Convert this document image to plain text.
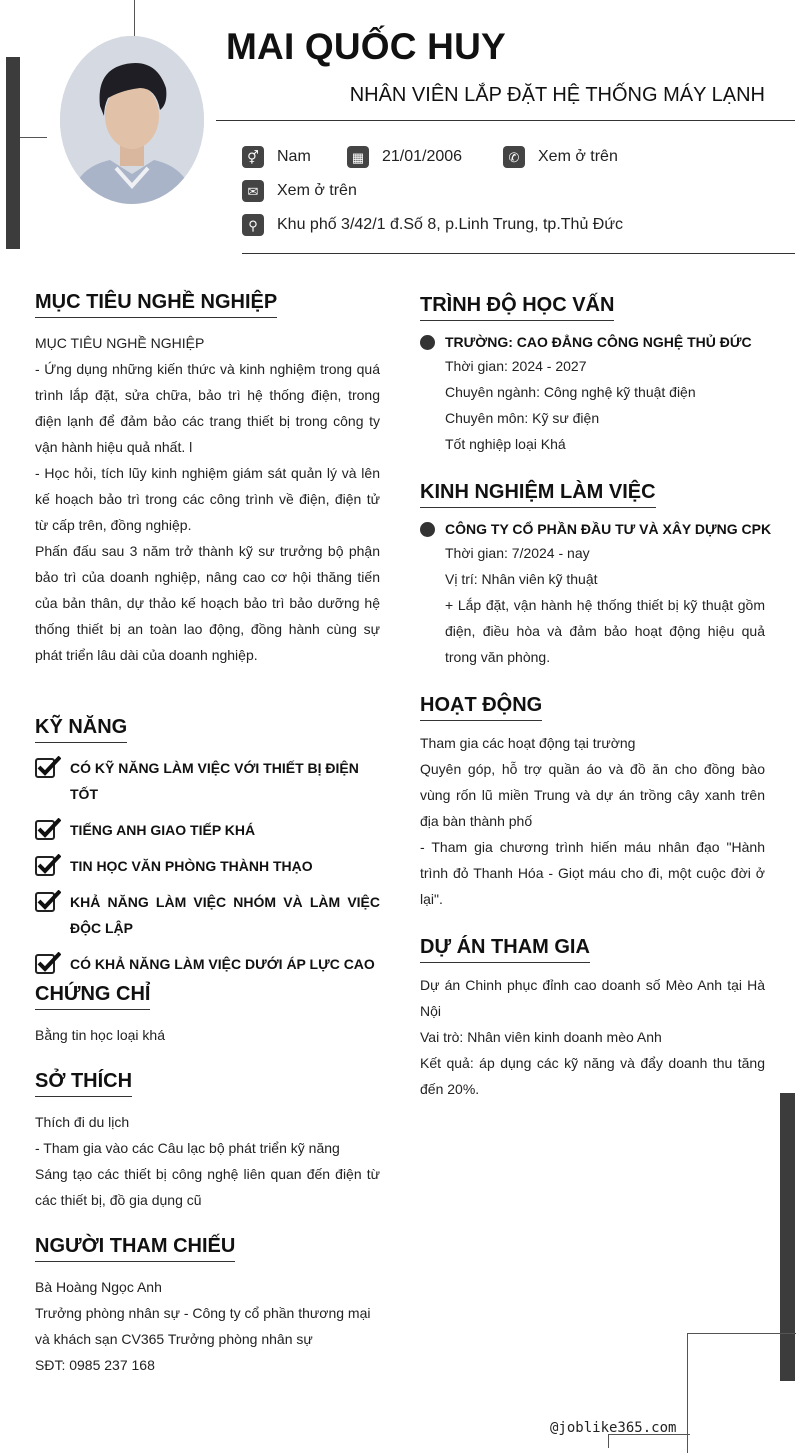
MAI QUỐC HUY
NHÂN VIÊN LẮP ĐẶT HỆ THỐNG MÁY LẠNH
⚥	Nam	▦	21/01/2006	✆	Xem ở trên
✉	Xem ở trên
⚲	Khu phố 3/42/1 đ.Số 8, p.Linh Trung, tp.Thủ Đức
MỤC TIÊU NGHỀ NGHIỆP

MỤC TIÊU NGHỀ NGHIỆP

- Ứng dụng những kiến thức và kinh nghiệm trong quá trình lắp đặt, sửa chữa, bảo trì hệ thống điện, trong điện lạnh để đảm bảo các trang thiết bị trong công ty vận hành hiệu quả nhất. l

- Học hỏi, tích lũy kinh nghiệm giám sát quản lý và lên kế hoạch bảo trì trong các công trình về điện, điện tử từ cấp trên, đồng nghiệp.

Phấn đấu sau 3 năm trở thành kỹ sư trưởng bộ phận bảo trì của doanh nghiệp, nâng cao cơ hội thăng tiến của bản thân, dự thảo kế hoạch bảo trì bảo dưỡng hệ thống thiết bị an toàn lao động, đồng hành cùng sự phát triển lâu dài của doanh nghiệp.

KỸ NĂNG
CÓ KỸ NĂNG LÀM VIỆC VỚI THIẾT BỊ ĐIỆN TỐT
TIẾNG ANH GIAO TIẾP KHÁ
TIN HỌC VĂN PHÒNG THÀNH THẠO
KHẢ NĂNG LÀM VIỆC NHÓM VÀ LÀM VIỆC ĐỘC LẬP
CÓ KHẢ NĂNG LÀM VIỆC DƯỚI ÁP LỰC CAO
CHỨNG CHỈ

Bằng tin học loại khá

SỞ THÍCH

Thích đi du lịch

- Tham gia vào các Câu lạc bộ phát triển kỹ năng

Sáng tạo các thiết bị công nghệ liên quan đến điện từ các thiết bị, đồ gia dụng cũ

NGƯỜI THAM CHIẾU

Bà Hoàng Ngọc Anh

Trưởng phòng nhân sự - Công ty cổ phần thương mại và khách sạn CV365 Trưởng phòng nhân sự

SĐT: 0985 237 168

TRÌNH ĐỘ HỌC VẤN
TRƯỜNG: CAO ĐẲNG CÔNG NGHỆ THỦ ĐỨC

Thời gian: 2024 - 2027

Chuyên ngành: Công nghệ kỹ thuật điện

Chuyên môn: Kỹ sư điện

Tốt nghiệp loại Khá

KINH NGHIỆM LÀM VIỆC
CÔNG TY CỔ PHẦN ĐẦU TƯ VÀ XÂY DỰNG CPK

Thời gian: 7/2024 - nay

Vị trí: Nhân viên kỹ thuật

+ Lắp đặt, vận hành hệ thống thiết bị kỹ thuật gồm điện, điều hòa và đảm bảo hoạt động hiệu quả trong văn phòng.

HOẠT ĐỘNG

Tham gia các hoạt động tại trường

Quyên góp, hỗ trợ quần áo và đồ ăn cho đồng bào vùng rốn lũ miền Trung và dự án trồng cây xanh trên địa bàn thành phố

- Tham gia chương trình hiến máu nhân đạo "Hành trình đỏ Thanh Hóa - Giọt máu cho đi, một cuộc đời ở lại".

DỰ ÁN THAM GIA

Dự án Chinh phục đỉnh cao doanh số Mèo Anh tại Hà Nội

Vai trò: Nhân viên kinh doanh mèo Anh

Kết quả: áp dụng các kỹ năng và đẩy doanh thu tăng đến 20%.

@joblike365.com
